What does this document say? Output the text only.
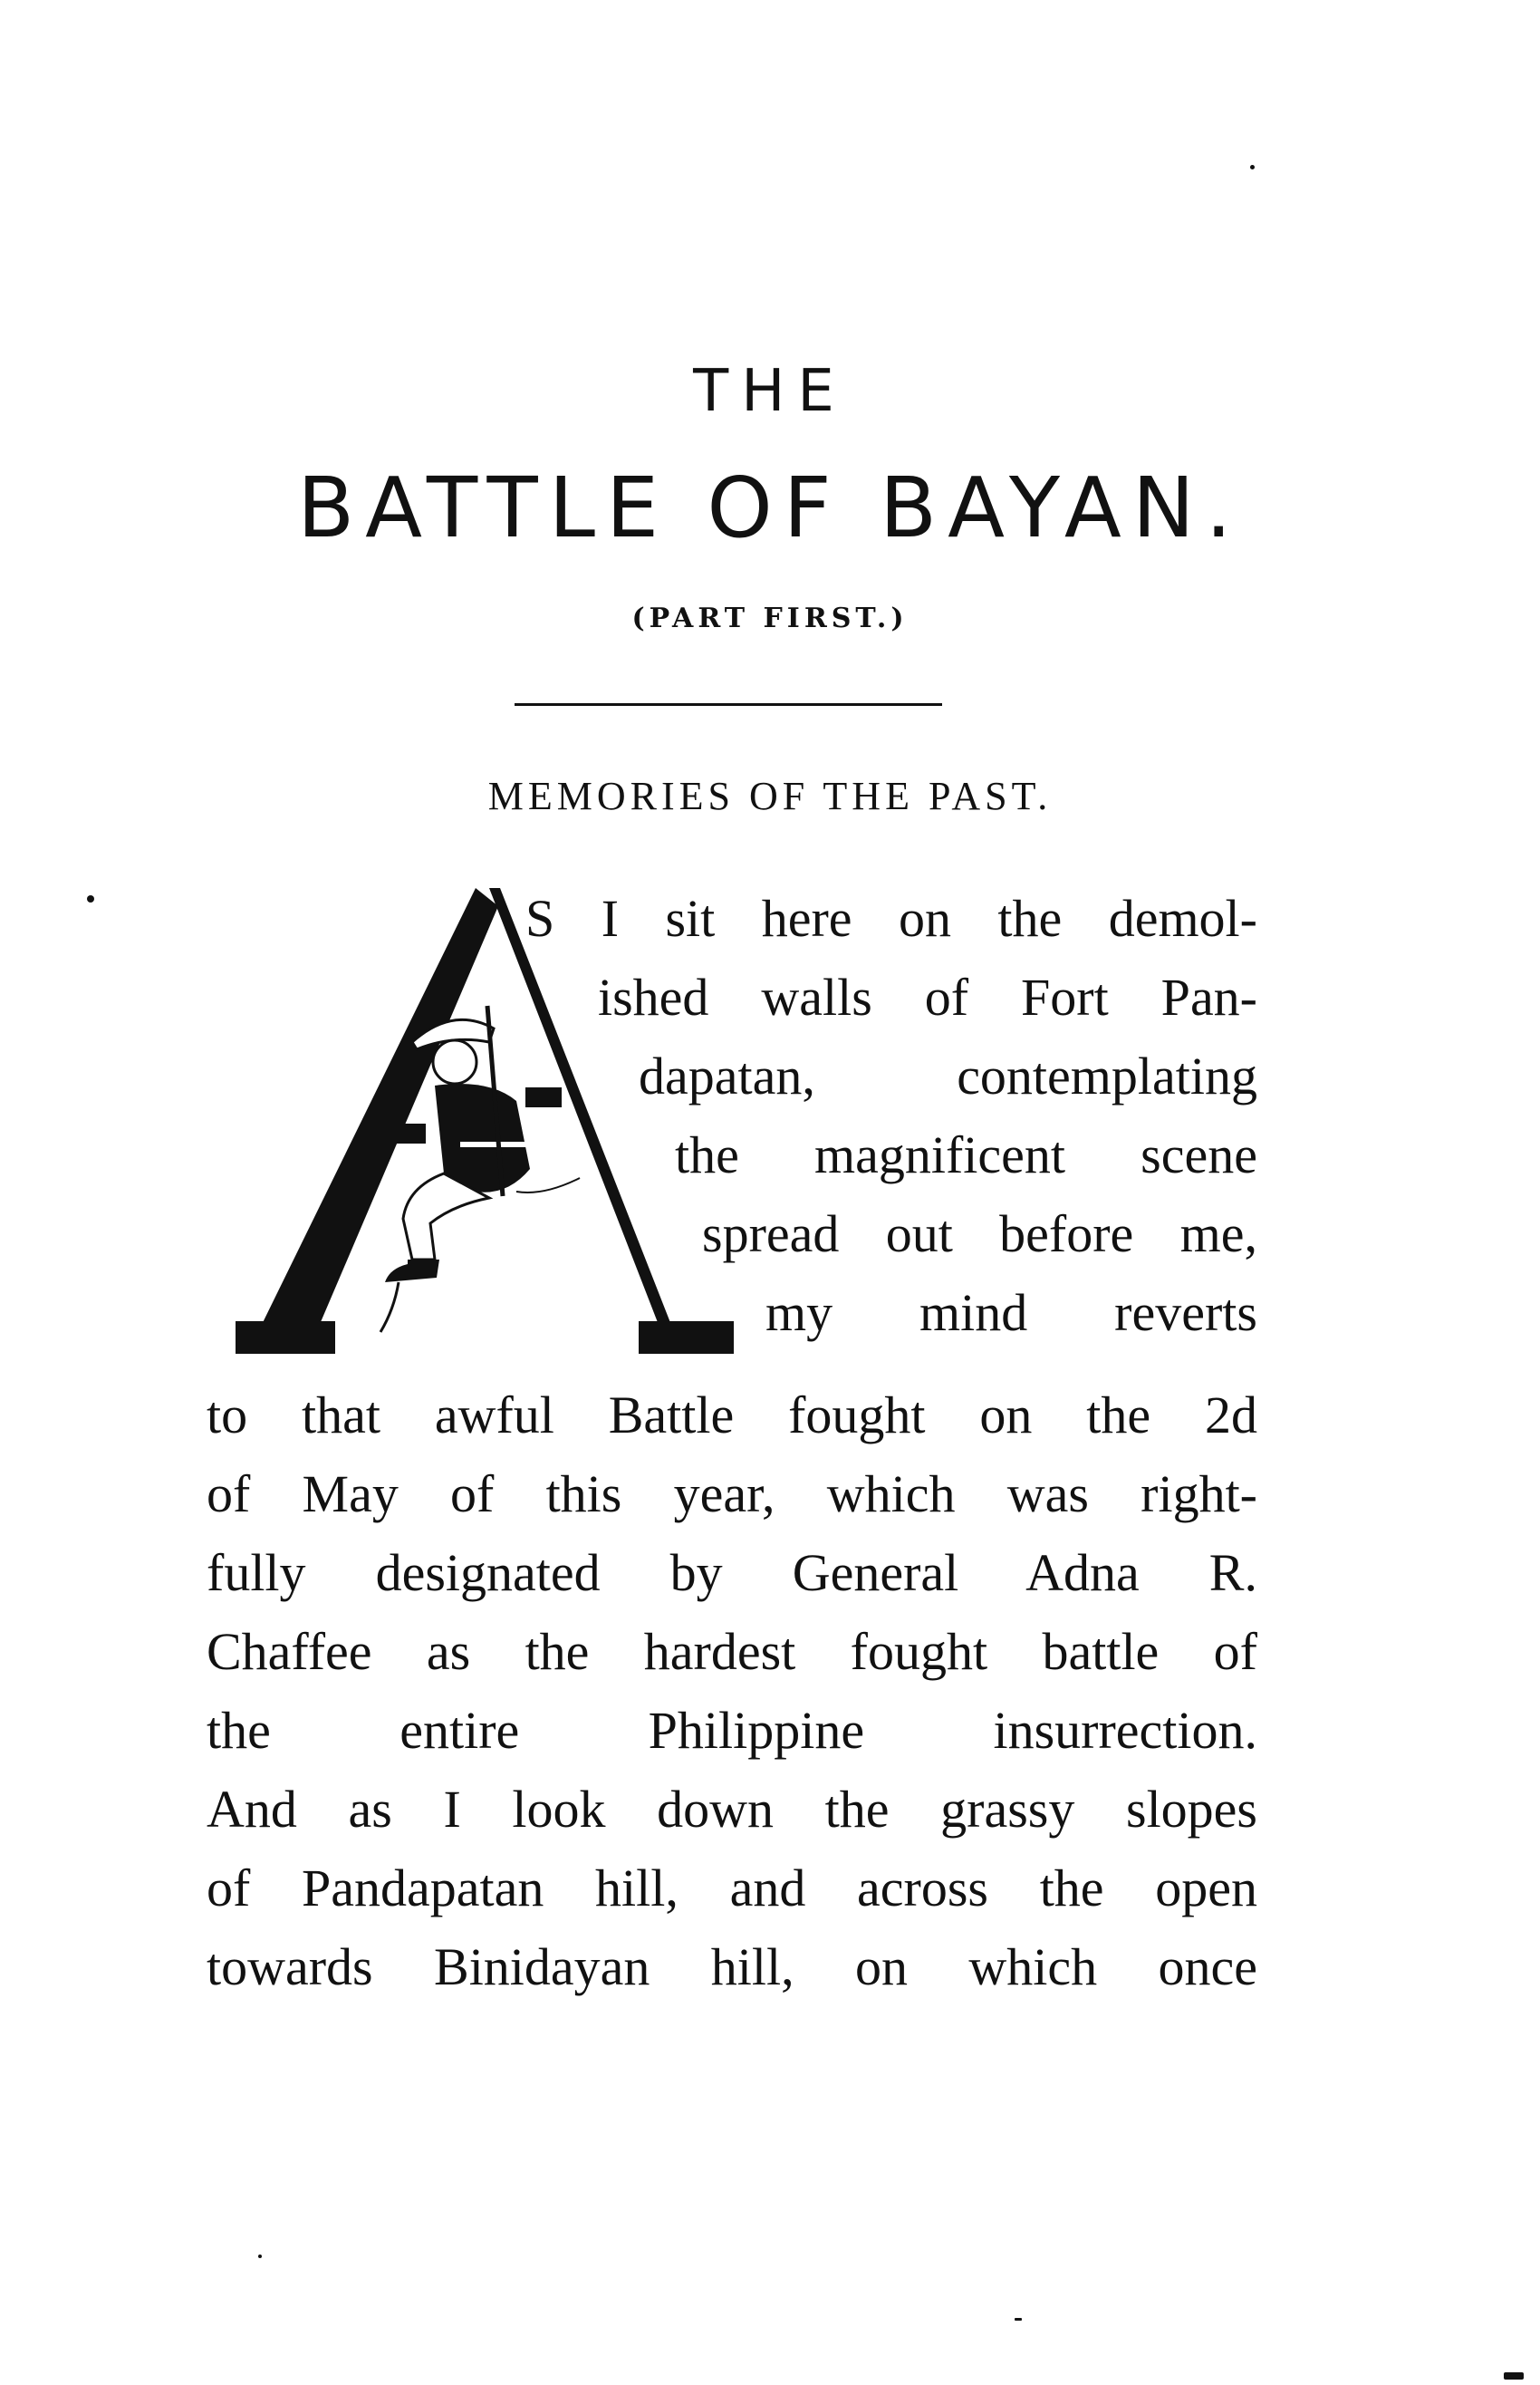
THE
BATTLE OF BAYAN.
(PART FIRST.)
MEMORIES OF THE PAST.

S I sit here on the demol-

ished walls of Fort Pan-

dapatan, contemplating

the magnificent scene

spread out before me,

my mind reverts

to that awful Battle fought on the 2d

of May of this year, which was right-

fully designated by General Adna R.

Chaffee as the hardest fought battle of

the entire Philippine insurrection.

And as I look down the grassy slopes

of Pandapatan hill, and across the open

towards Binidayan hill, on which once
